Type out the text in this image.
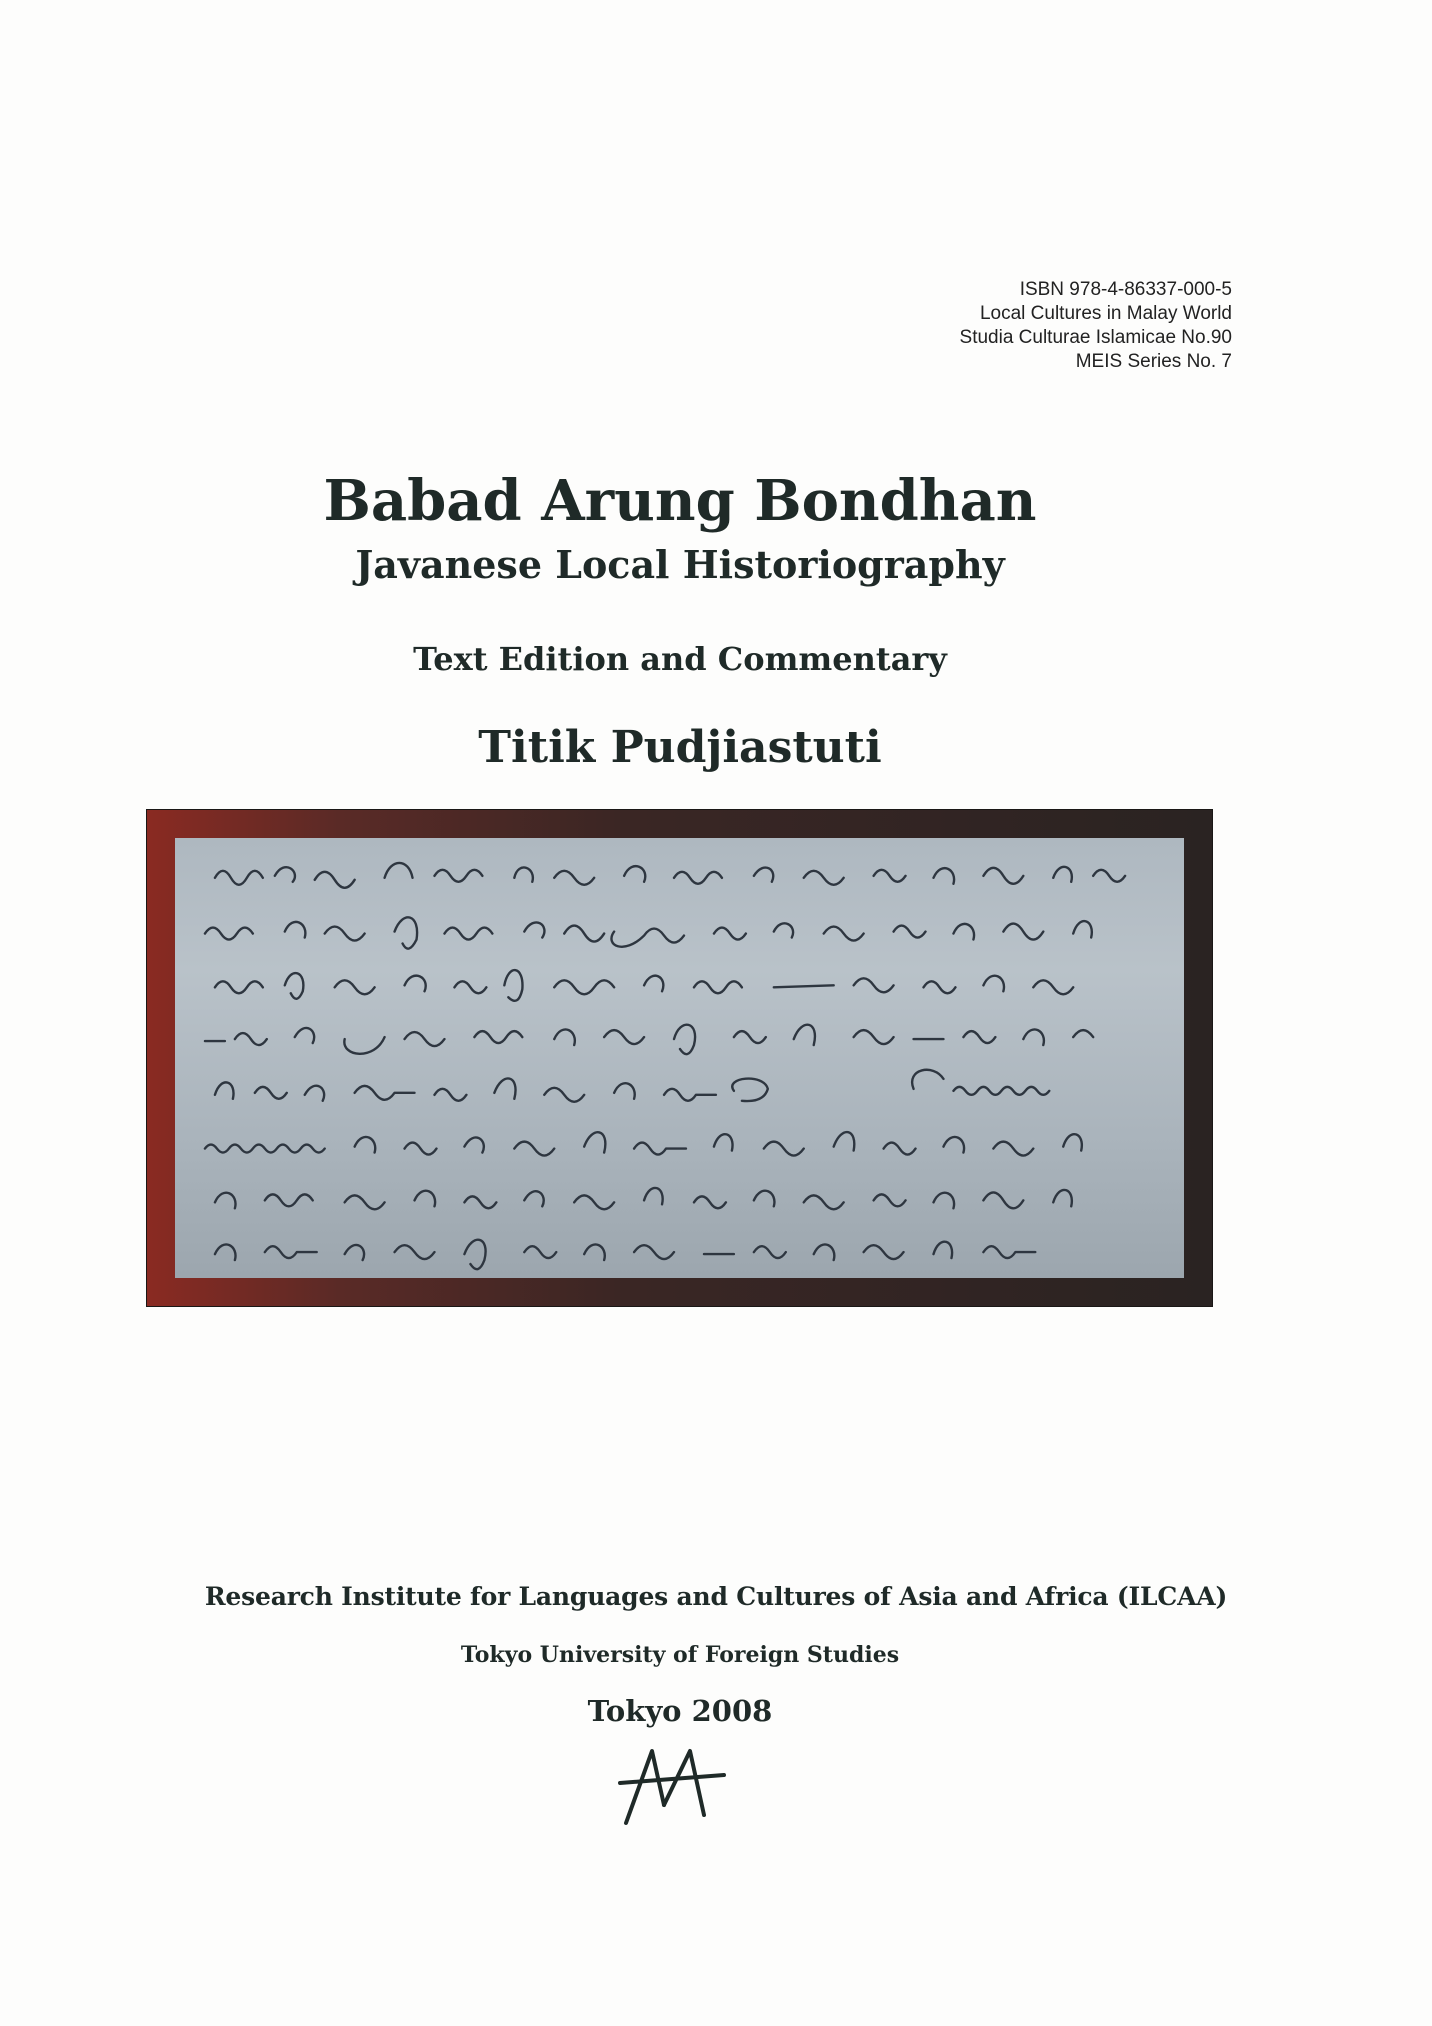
ISBN 978-4-86337-000-5
Local Cultures in Malay World
Studia Culturae Islamicae No.90
MEIS Series No. 7
Babad Arung Bondhan
Javanese Local Historiography
Text Edition and Commentary
Titik Pudjiastuti
Research Institute for Languages and Cultures of Asia and Africa (ILCAA)
Tokyo University of Foreign Studies
Tokyo 2008
